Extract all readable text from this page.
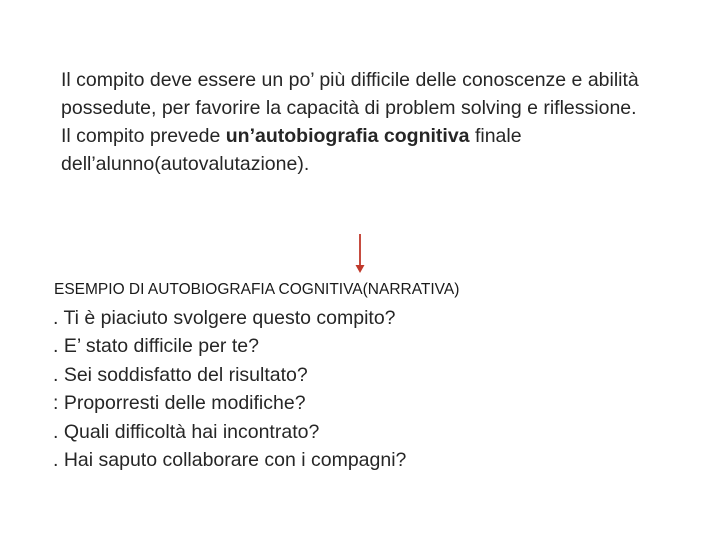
Il compito deve essere un po’ più difficile delle conoscenze e abilità possedute, per favorire la capacità di problem solving e riflessione.

Il compito prevede un’autobiografia cognitiva finale dell’alunno(autovalutazione).

ESEMPIO DI AUTOBIOGRAFIA COGNITIVA(NARRATIVA)
. Ti è piaciuto svolgere questo compito?
. E’ stato difficile per te?
. Sei soddisfatto del risultato?
: Proporresti delle modifiche?
. Quali difficoltà hai incontrato?
. Hai saputo collaborare con i compagni?
